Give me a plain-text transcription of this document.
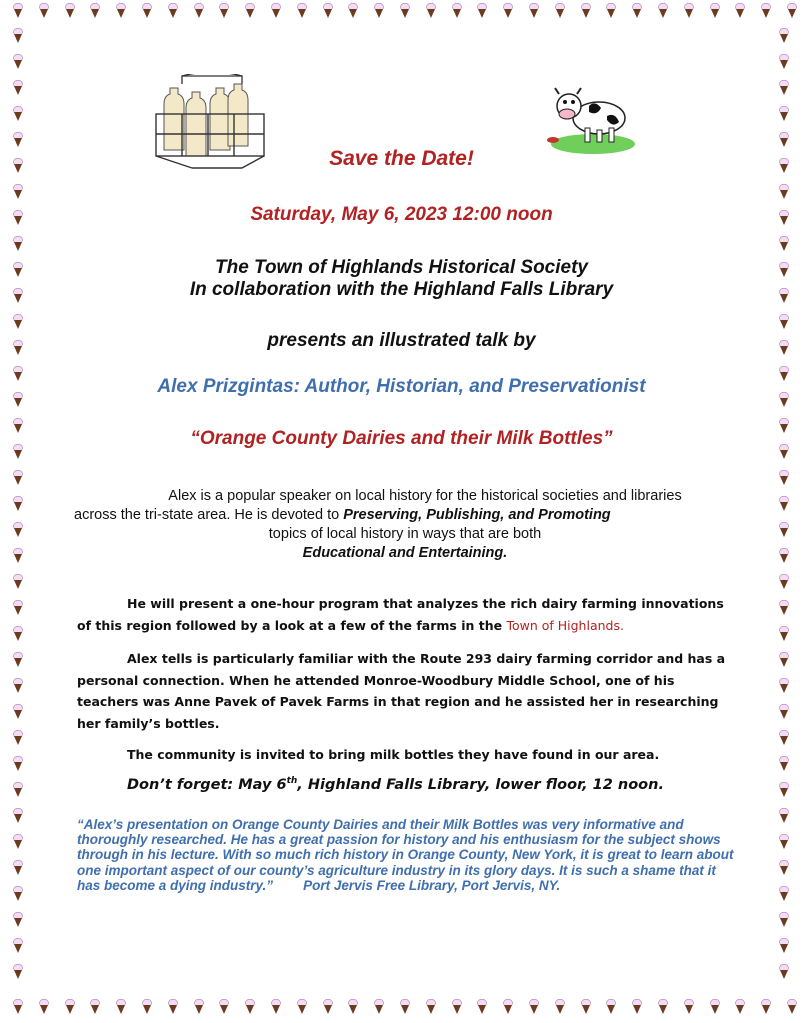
Save the Date!
Saturday, May 6, 2023 12:00 noon
The Town of Highlands Historical Society
In collaboration with the Highland Falls Library
presents an illustrated talk by
Alex Prizgintas: Author, Historian, and Preservationist
“Orange County Dairies and their Milk Bottles”
Alex is a popular speaker on local history for the historical societies and libraries
across the tri-state area. He is devoted to Preserving, Publishing, and Promoting
topics of local history in ways that are both
Educational and Entertaining.
He will present a one-hour program that analyzes the rich dairy farming innovations of this region followed by a look at a few of the farms in the Town of Highlands.
Alex tells is particularly familiar with the Route 293 dairy farming corridor and has a personal connection. When he attended Monroe-Woodbury Middle School, one of his teachers was Anne Pavek of Pavek Farms in that region and he assisted her in researching her family’s bottles.
The community is invited to bring milk bottles they have found in our area.
Don’t forget: May 6th, Highland Falls Library, lower floor, 12 noon.
“Alex’s presentation on Orange County Dairies and their Milk Bottles was very informative and thoroughly researched. He has a great passion for history and his enthusiasm for the subject shows through in his lecture. With so much rich history in Orange County, New York, it is great to learn about one important aspect of our county’s agriculture industry in its glory days. It is such a shame that it has become a dying industry.” Port Jervis Free Library, Port Jervis, NY.
